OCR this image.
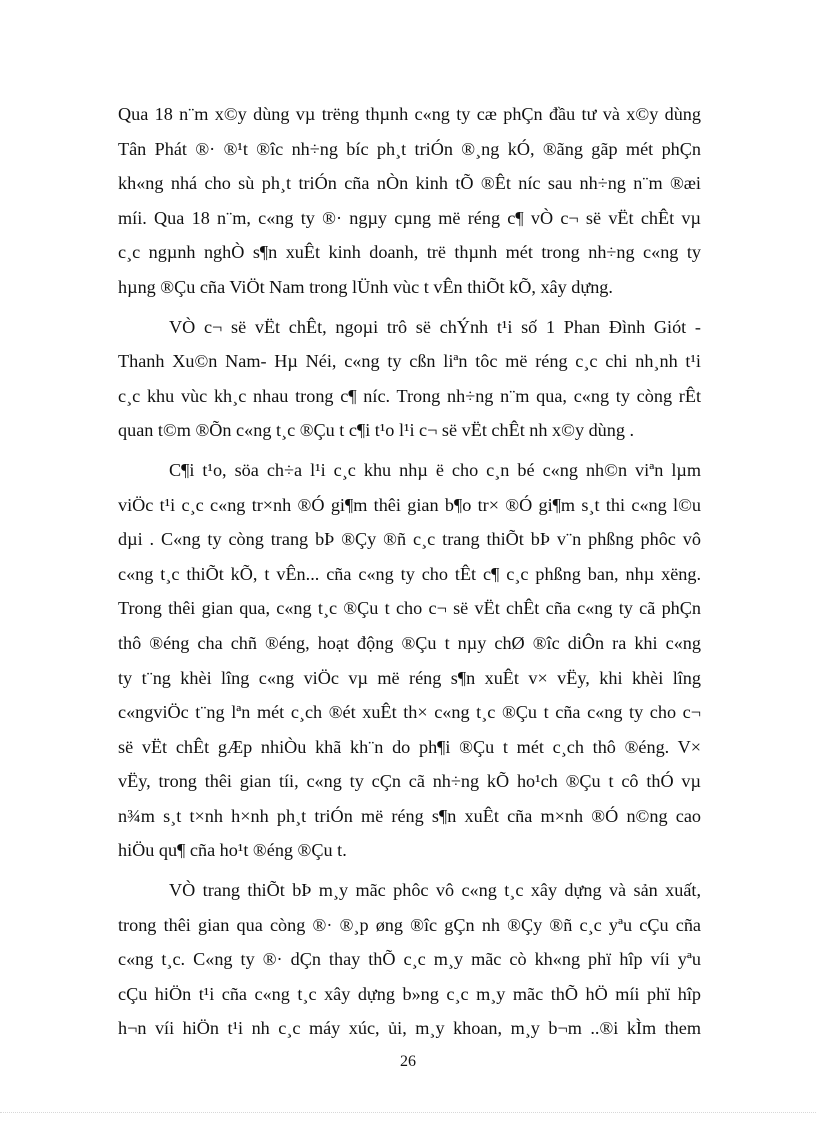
Qua 18 n¨m x©y dùng vµ trëng thµnh c«ng ty cæ phÇn đầu tư và x©y dùng
Tân Phát ®· ®¹t ®îc nh÷ng bíc ph¸t triÓn ®¸ng kÓ, ®ãng gãp mét phÇn
kh«ng nhá cho sù ph¸t triÓn cña nÒn kinh tÕ ®Êt níc sau nh÷ng n¨m ®æi
míi. Qua 18 n¨m, c«ng ty ®· ngµy cµng më réng c¶ vÒ c¬ së vËt chÊt vµ
c¸c ngµnh nghÒ s¶n xuÊt kinh doanh, trë thµnh mét trong nh÷ng c«ng ty
hµng ®Çu cña ViÖt Nam trong lÜnh vùc t vÊn thiÕt kÕ, xây dựng.
VÒ c¬ së vËt chÊt, ngoµi trô së chÝnh t¹i số 1 Phan Đình Giót -
Thanh Xu©n Nam- Hµ Néi, c«ng ty cßn liªn tôc më réng c¸c chi nh¸nh t¹i
c¸c khu vùc kh¸c nhau trong c¶ níc. Trong nh÷ng n¨m qua, c«ng ty còng rÊt
quan t©m ®Õn c«ng t¸c ®Çu t c¶i t¹o l¹i c¬ së vËt chÊt nh x©y dùng .
C¶i t¹o, söa ch÷a l¹i c¸c khu nhµ ë cho c¸n bé c«ng nh©n viªn lµm
viÖc t¹i c¸c c«ng tr×nh ®Ó gi¶m thêi gian b¶o tr× ®Ó gi¶m s¸t thi c«ng l©u
dµi . C«ng ty còng trang bÞ ®Çy ®ñ c¸c trang thiÕt bÞ v¨n phßng phôc vô
c«ng t¸c thiÕt kÕ, t vÊn... cña c«ng ty cho tÊt c¶ c¸c phßng ban, nhµ xëng.
Trong thêi gian qua, c«ng t¸c ®Çu t cho c¬ së vËt chÊt cña c«ng ty cã phÇn
thô ®éng cha chñ ®éng, hoạt động ®Çu t nµy chØ ®îc diÔn ra khi c«ng
ty t¨ng khèi lîng c«ng viÖc vµ më réng s¶n xuÊt v× vËy, khi khèi lîng
c«ngviÖc t¨ng lªn mét c¸ch ®ét xuÊt th× c«ng t¸c ®Çu t cña c«ng ty cho c¬
së vËt chÊt gÆp nhiÒu khã kh¨n do ph¶i ®Çu t mét c¸ch thô ®éng. V×
vËy, trong thêi gian tíi, c«ng ty cÇn cã nh÷ng kÕ ho¹ch ®Çu t cô thÓ vµ
n¾m s¸t t×nh h×nh ph¸t triÓn më réng s¶n xuÊt cña m×nh ®Ó n©ng cao
hiÖu qu¶ cña ho¹t ®éng ®Çu t.
VÒ trang thiÕt bÞ m¸y mãc phôc vô c«ng t¸c xây dựng và sản xuất,
trong thêi gian qua còng ®· ®¸p øng ®îc gÇn nh ®Çy ®ñ c¸c yªu cÇu cña
c«ng t¸c. C«ng ty ®· dÇn thay thÕ c¸c m¸y mãc cò kh«ng phï hîp víi yªu
cÇu hiÖn t¹i cña c«ng t¸c xây dựng b»ng c¸c m¸y mãc thÕ hÖ míi phï hîp
h¬n víi hiÖn t¹i nh c¸c máy xúc, ủi, m¸y khoan, m¸y b¬m ..®i kÌm them
26
